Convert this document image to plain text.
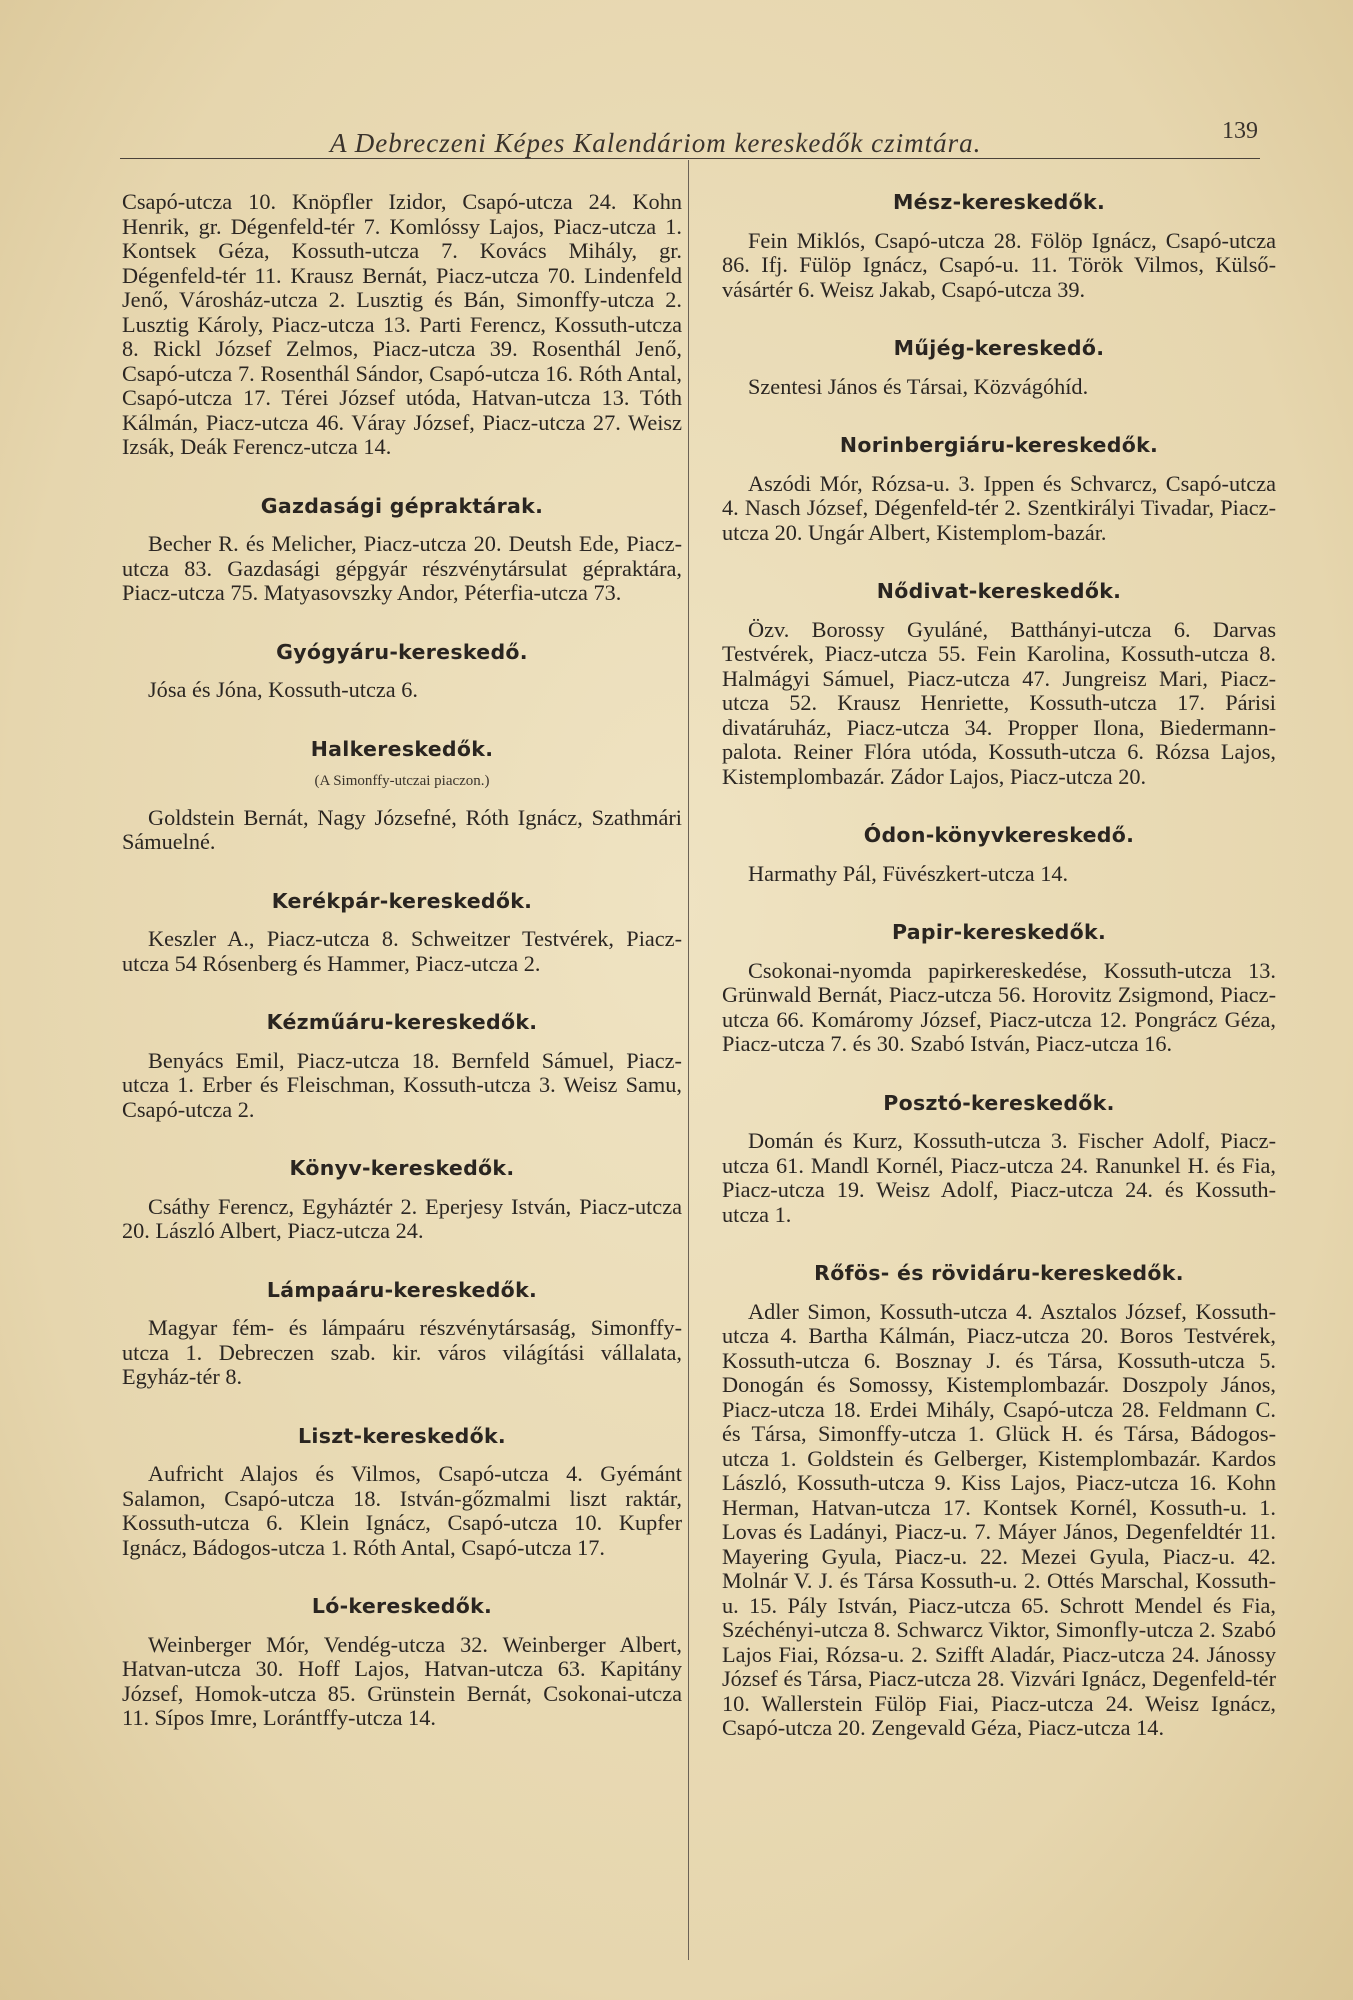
A Debreczeni Képes Kalendáriom kereskedők czimtára.	139

Csapó-utcza 10. Knöpfler Izidor, Csapó-utcza 24. Kohn Henrik, gr. Dégenfeld-tér 7. Komlóssy Lajos, Piacz-utcza 1. Kontsek Géza, Kossuth-utcza 7. Kovács Mihály, gr. Dégenfeld-tér 11. Krausz Bernát, Piacz-utcza 70. Lindenfeld Jenő, Városház-utcza 2. Lusztig és Bán, Simonffy-utcza 2. Lusztig Károly, Piacz-utcza 13. Parti Ferencz, Kossuth-utcza 8. Rickl József Zelmos, Piacz-utcza 39. Rosenthál Jenő, Csapó-utcza 7. Rosenthál Sándor, Csapó-utcza 16. Róth Antal, Csapó-utcza 17. Térei József utóda, Hatvan-utcza 13. Tóth Kálmán, Piacz-utcza 46. Váray József, Piacz-utcza 27. Weisz Izsák, Deák Ferencz-utcza 14.

Gazdasági gépraktárak.

Becher R. és Melicher, Piacz-utcza 20. Deutsh Ede, Piacz-utcza 83. Gazdasági gépgyár részvénytársulat gépraktára, Piacz-utcza 75. Matyasovszky Andor, Péterfia-utcza 73.

Gyógyáru-kereskedő.

Jósa és Jóna, Kossuth-utcza 6.

Halkereskedők.
(A Simonffy-utczai piaczon.)

Goldstein Bernát, Nagy Józsefné, Róth Ignácz, Szathmári Sámuelné.

Kerékpár-kereskedők.

Keszler A., Piacz-utcza 8. Schweitzer Testvérek, Piacz-utcza 54 Rósenberg és Hammer, Piacz-utcza 2.

Kézműáru-kereskedők.

Benyács Emil, Piacz-utcza 18. Bernfeld Sámuel, Piacz-utcza 1. Erber és Fleischman, Kossuth-utcza 3. Weisz Samu, Csapó-utcza 2.

Könyv-kereskedők.

Csáthy Ferencz, Egyháztér 2. Eperjesy István, Piacz-utcza 20. László Albert, Piacz-utcza 24.

Lámpaáru-kereskedők.

Magyar fém- és lámpaáru részvénytársaság, Simonffy-utcza 1. Debreczen szab. kir. város világítási vállalata, Egyház-tér 8.

Liszt-kereskedők.

Aufricht Alajos és Vilmos, Csapó-utcza 4. Gyémánt Salamon, Csapó-utcza 18. István-gőzmalmi liszt raktár, Kossuth-utcza 6. Klein Ignácz, Csapó-utcza 10. Kupfer Ignácz, Bádogos-utcza 1. Róth Antal, Csapó-utcza 17.

Ló-kereskedők.

Weinberger Mór, Vendég-utcza 32. Weinberger Albert, Hatvan-utcza 30. Hoff Lajos, Hatvan-utcza 63. Kapitány József, Homok-utcza 85. Grünstein Bernát, Csokonai-utcza 11. Sípos Imre, Lorántffy-utcza 14.

Mész-kereskedők.

Fein Miklós, Csapó-utcza 28. Fölöp Ignácz, Csapó-utcza 86. Ifj. Fülöp Ignácz, Csapó-u. 11. Török Vilmos, Külső-vásártér 6. Weisz Jakab, Csapó-utcza 39.

Műjég-kereskedő.

Szentesi János és Társai, Közvágóhíd.

Norinbergiáru-kereskedők.

Aszódi Mór, Rózsa-u. 3. Ippen és Schvarcz, Csapó-utcza 4. Nasch József, Dégenfeld-tér 2. Szentkirályi Tivadar, Piacz-utcza 20. Ungár Albert, Kistemplom-bazár.

Nődivat-kereskedők.

Özv. Borossy Gyuláné, Batthányi-utcza 6. Darvas Testvérek, Piacz-utcza 55. Fein Karolina, Kossuth-utcza 8. Halmágyi Sámuel, Piacz-utcza 47. Jungreisz Mari, Piacz-utcza 52. Krausz Henriette, Kossuth-utcza 17. Párisi divatáruház, Piacz-utcza 34. Propper Ilona, Biedermann-palota. Reiner Flóra utóda, Kossuth-utcza 6. Rózsa Lajos, Kistemplombazár. Zádor Lajos, Piacz-utcza 20.

Ódon-könyvkereskedő.

Harmathy Pál, Füvészkert-utcza 14.

Papir-kereskedők.

Csokonai-nyomda papirkereskedése, Kossuth-utcza 13. Grünwald Bernát, Piacz-utcza 56. Horovitz Zsigmond, Piacz-utcza 66. Komáromy József, Piacz-utcza 12. Pongrácz Géza, Piacz-utcza 7. és 30. Szabó István, Piacz-utcza 16.

Posztó-kereskedők.

Domán és Kurz, Kossuth-utcza 3. Fischer Adolf, Piacz-utcza 61. Mandl Kornél, Piacz-utcza 24. Ranunkel H. és Fia, Piacz-utcza 19. Weisz Adolf, Piacz-utcza 24. és Kossuth-utcza 1.

Rőfös- és rövidáru-kereskedők.

Adler Simon, Kossuth-utcza 4. Asztalos József, Kossuth-utcza 4. Bartha Kálmán, Piacz-utcza 20. Boros Testvérek, Kossuth-utcza 6. Bosznay J. és Társa, Kossuth-utcza 5. Donogán és Somossy, Kistemplombazár. Doszpoly János, Piacz-utcza 18. Erdei Mihály, Csapó-utcza 28. Feldmann C. és Társa, Simonffy-utcza 1. Glück H. és Társa, Bádogos-utcza 1. Goldstein és Gelberger, Kistemplombazár. Kardos László, Kossuth-utcza 9. Kiss Lajos, Piacz-utcza 16. Kohn Herman, Hatvan-utcza 17. Kontsek Kornél, Kossuth-u. 1. Lovas és Ladányi, Piacz-u. 7. Máyer János, Degenfeldtér 11. Mayering Gyula, Piacz-u. 22. Mezei Gyula, Piacz-u. 42. Molnár V. J. és Társa Kossuth-u. 2. Ottés Marschal, Kossuth-u. 15. Pály István, Piacz-utcza 65. Schrott Mendel és Fia, Széchényi-utcza 8. Schwarcz Viktor, Simonfly-utcza 2. Szabó Lajos Fiai, Rózsa-u. 2. Szifft Aladár, Piacz-utcza 24. Jánossy József és Társa, Piacz-utcza 28. Vizvári Ignácz, Degenfeld-tér 10. Wallerstein Fülöp Fiai, Piacz-utcza 24. Weisz Ignácz, Csapó-utcza 20. Zengevald Géza, Piacz-utcza 14.
